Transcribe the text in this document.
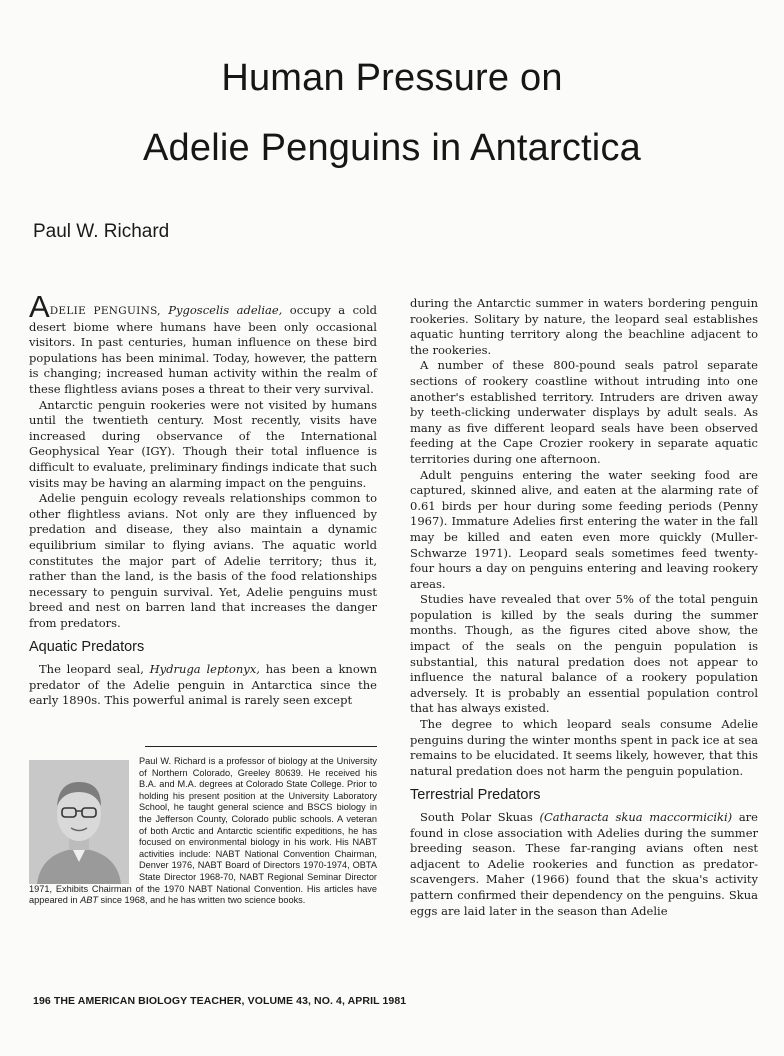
Human Pressure on
Adelie Penguins in Antarctica
Paul W. Richard

ADELIE PENGUINS, Pygoscelis adeliae, occupy a cold desert biome where humans have been only occasional visitors. In past centuries, human influence on these bird populations has been minimal. Today, however, the pattern is changing; increased human activity within the realm of these flightless avians poses a threat to their very survival.

Antarctic penguin rookeries were not visited by humans until the twentieth century. Most recently, visits have increased during observance of the International Geophysical Year (IGY). Though their total influence is difficult to evaluate, preliminary findings indicate that such visits may be having an alarming impact on the penguins.

Adelie penguin ecology reveals relationships common to other flightless avians. Not only are they influenced by predation and disease, they also maintain a dynamic equilibrium similar to flying avians. The aquatic world constitutes the major part of Adelie territory; thus it, rather than the land, is the basis of the food relationships necessary to penguin survival. Yet, Adelie penguins must breed and nest on barren land that increases the danger from predators.

Aquatic Predators

The leopard seal, Hydruga leptonyx, has been a known predator of the Adelie penguin in Antarctica since the early 1890s. This powerful animal is rarely seen except

Paul W. Richard is a professor of biology at the University of Northern Colorado, Greeley 80639. He received his B.A. and M.A. degrees at Colorado State College. Prior to holding his present position at the University Laboratory School, he taught general science and BSCS biology in the Jefferson County, Colorado public schools. A veteran of both Arctic and Antarctic scientific expeditions, he has focused on environmental biology in his work. His NABT activities include: NABT National Convention Chairman, Denver 1976, NABT Board of Directors 1970-1974, OBTA State Director 1968-70, NABT Regional Seminar Director 1971, Exhibits Chairman of the 1970 NABT National Convention. His articles have appeared in ABT since 1968, and he has written two science books.

during the Antarctic summer in waters bordering penguin rookeries. Solitary by nature, the leopard seal establishes aquatic hunting territory along the beachline adjacent to the rookeries.

A number of these 800-pound seals patrol separate sections of rookery coastline without intruding into one another's established territory. Intruders are driven away by teeth-clicking underwater displays by adult seals. As many as five different leopard seals have been observed feeding at the Cape Crozier rookery in separate aquatic territories during one afternoon.

Adult penguins entering the water seeking food are captured, skinned alive, and eaten at the alarming rate of 0.61 birds per hour during some feeding periods (Penny 1967). Immature Adelies first entering the water in the fall may be killed and eaten even more quickly (Muller-Schwarze 1971). Leopard seals sometimes feed twenty-four hours a day on penguins entering and leaving rookery areas.

Studies have revealed that over 5% of the total penguin population is killed by the seals during the summer months. Though, as the figures cited above show, the impact of the seals on the penguin population is substantial, this natural predation does not appear to influence the natural balance of a rookery population adversely. It is probably an essential population control that has always existed.

The degree to which leopard seals consume Adelie penguins during the winter months spent in pack ice at sea remains to be elucidated. It seems likely, however, that this natural predation does not harm the penguin population.

Terrestrial Predators

South Polar Skuas (Catharacta skua maccormiciki) are found in close association with Adelies during the summer breeding season. These far-ranging avians often nest adjacent to Adelie rookeries and function as predator-scavengers. Maher (1966) found that the skua's activity pattern confirmed their dependency on the penguins. Skua eggs are laid later in the season than Adelie

196 THE AMERICAN BIOLOGY TEACHER, VOLUME 43, NO. 4, APRIL 1981
